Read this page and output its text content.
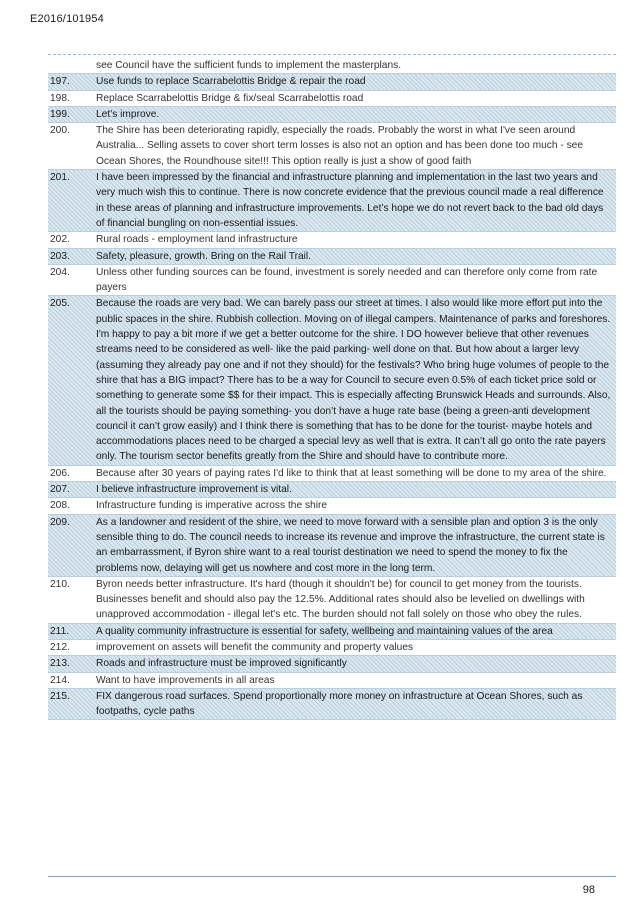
E2016/101954
see Council have the sufficient funds to implement the masterplans.
197.	Use funds to replace Scarrabelottis Bridge & repair the road
198.	Replace Scarrabelottis Bridge & fix/seal Scarrabelottis road
199.	Let’s improve.
200.	The Shire has been deteriorating rapidly, especially the roads. Probably the worst in what I've seen around Australia... Selling assets to cover short term losses is also not an option and has been done too much - see Ocean Shores, the Roundhouse site!!! This option really is just a show of good faith
201.	I have been impressed by the financial and infrastructure planning and implementation in the last two years and very much wish this to continue. There is now concrete evidence that the previous council made a real difference in these areas of planning and infrastructure improvements. Let’s hope we do not revert back to the bad old days of financial bungling on non-essential issues.
202.	Rural roads - employment land infrastructure
203.	Safety, pleasure, growth. Bring on the Rail Trail.
204.	Unless other funding sources can be found, investment is sorely needed and can therefore only come from rate payers
205.	Because the roads are very bad. We can barely pass our street at times. I also would like more effort put into the public spaces in the shire. Rubbish collection. Moving on of illegal campers. Maintenance of parks and foreshores. I'm happy to pay a bit more if we get a better outcome for the shire. I DO however believe that other revenues streams need to be considered as well- like the paid parking- well done on that. But how about a larger levy (assuming they already pay one and if not they should) for the festivals? Who bring huge volumes of people to the shire that has a BIG impact? There has to be a way for Council to secure even 0.5% of each ticket price sold or something to generate some $$ for their impact. This is especially affecting Brunswick Heads and surrounds. Also, all the tourists should be paying something- you don’t have a huge rate base (being a green-anti development council it can’t grow easily) and I think there is something that has to be done for the tourist- maybe hotels and accommodations places need to be charged a special levy as well that is extra. It can’t all go onto the rate payers only. The tourism sector benefits greatly from the Shire and should have to contribute more.
206.	Because after 30 years of paying rates I'd like to think that at least something will be done to my area of the shire.
207.	I believe infrastructure improvement is vital.
208.	Infrastructure funding is imperative across the shire
209.	As a landowner and resident of the shire, we need to move forward with a sensible plan and option 3 is the only sensible thing to do. The council needs to increase its revenue and improve the infrastructure, the current state is an embarrassment, if Byron shire want to a real tourist destination we need to spend the money to fix the problems now, delaying will get us nowhere and cost more in the long term.
210.	Byron needs better infrastructure. It's hard (though it shouldn't be) for council to get money from the tourists. Businesses benefit and should also pay the 12.5%. Additional rates should also be levelied on dwellings with unapproved accommodation - illegal let's etc. The burden should not fall solely on those who obey the rules.
211.	A quality community infrastructure is essential for safety, wellbeing and maintaining values of the area
212.	improvement on assets will benefit the community and property values
213.	Roads and infrastructure must be improved significantly
214.	Want to have improvements in all areas
215.	FIX dangerous road surfaces. Spend proportionally more money on infrastructure at Ocean Shores, such as footpaths, cycle paths
98
